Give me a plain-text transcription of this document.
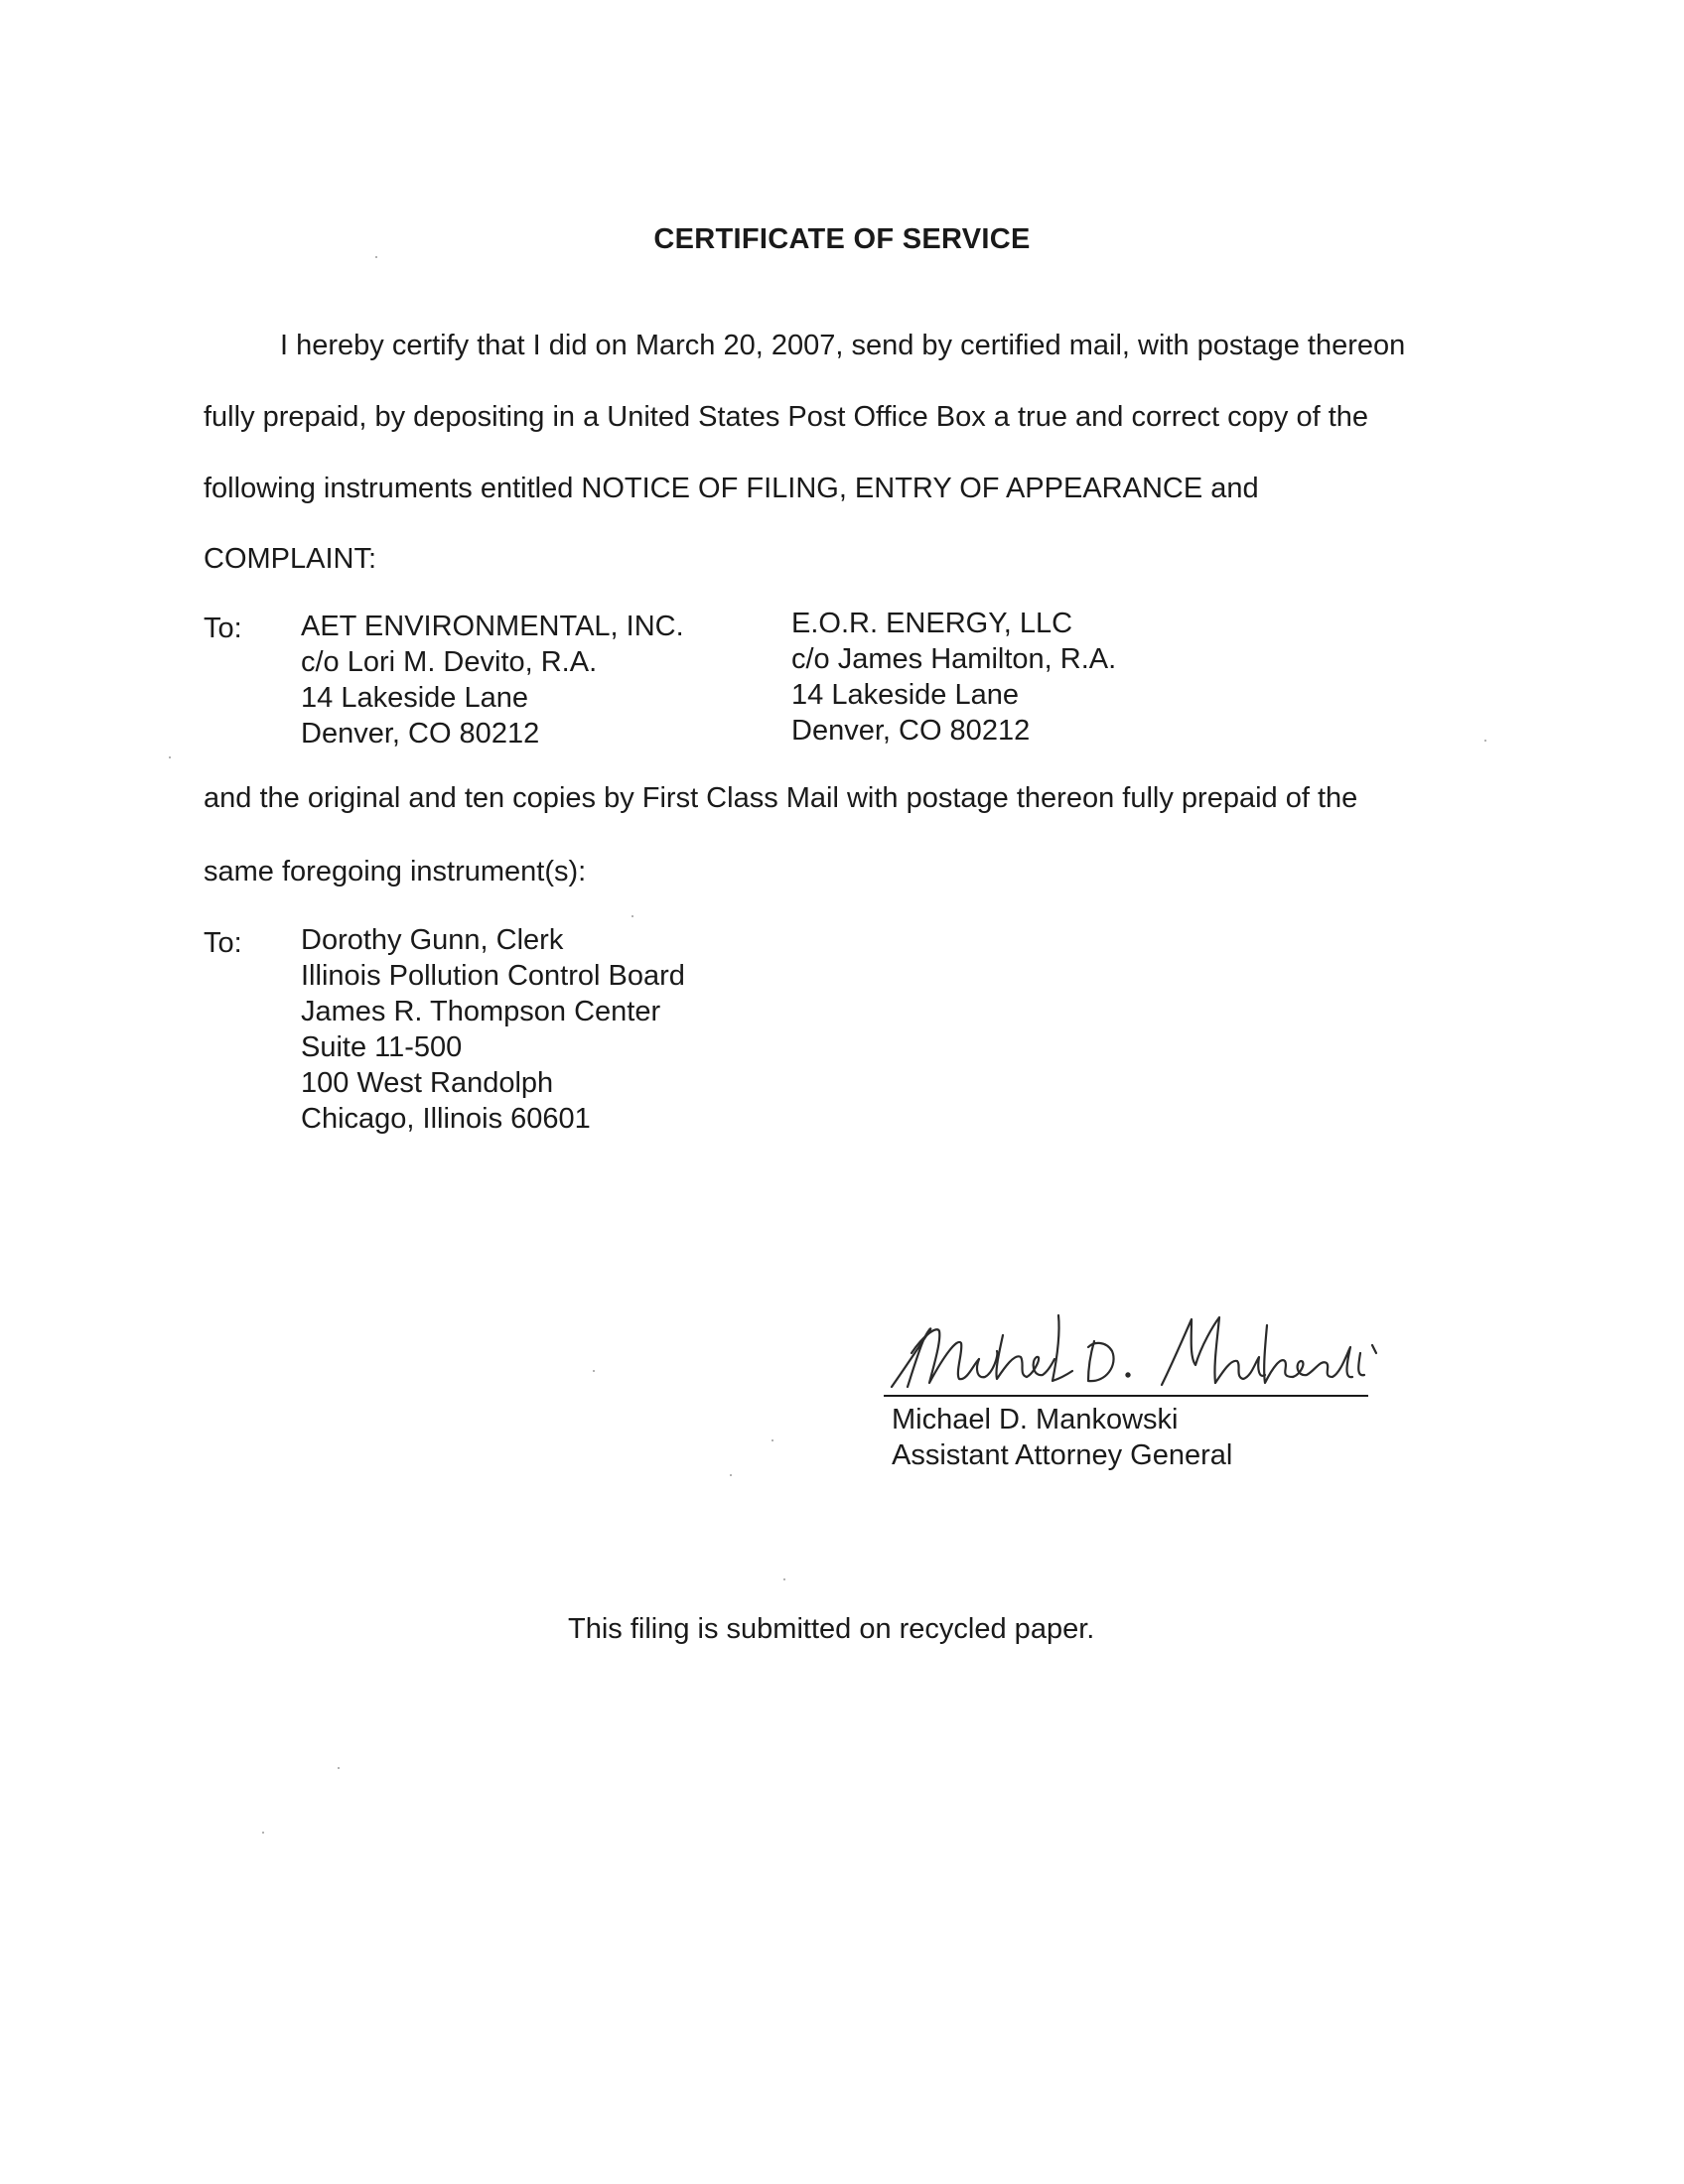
CERTIFICATE OF SERVICE
I hereby certify that I did on March 20, 2007, send by certified mail, with postage thereon
fully prepaid, by depositing in a United States Post Office Box a true and correct copy of the
following instruments entitled NOTICE OF FILING, ENTRY OF APPEARANCE and
COMPLAINT:
To: AET ENVIRONMENTAL, INC.
c/o Lori M. Devito, R.A.
14 Lakeside Lane
Denver, CO 80212
E.O.R. ENERGY, LLC
c/o James Hamilton, R.A.
14 Lakeside Lane
Denver, CO 80212
and the original and ten copies by First Class Mail with postage thereon fully prepaid of the
same foregoing instrument(s):
To: Dorothy Gunn, Clerk
Illinois Pollution Control Board
James R. Thompson Center
Suite 11-500
100 West Randolph
Chicago, Illinois 60601
Michael D. Mankowski
Assistant Attorney General
This filing is submitted on recycled paper.
